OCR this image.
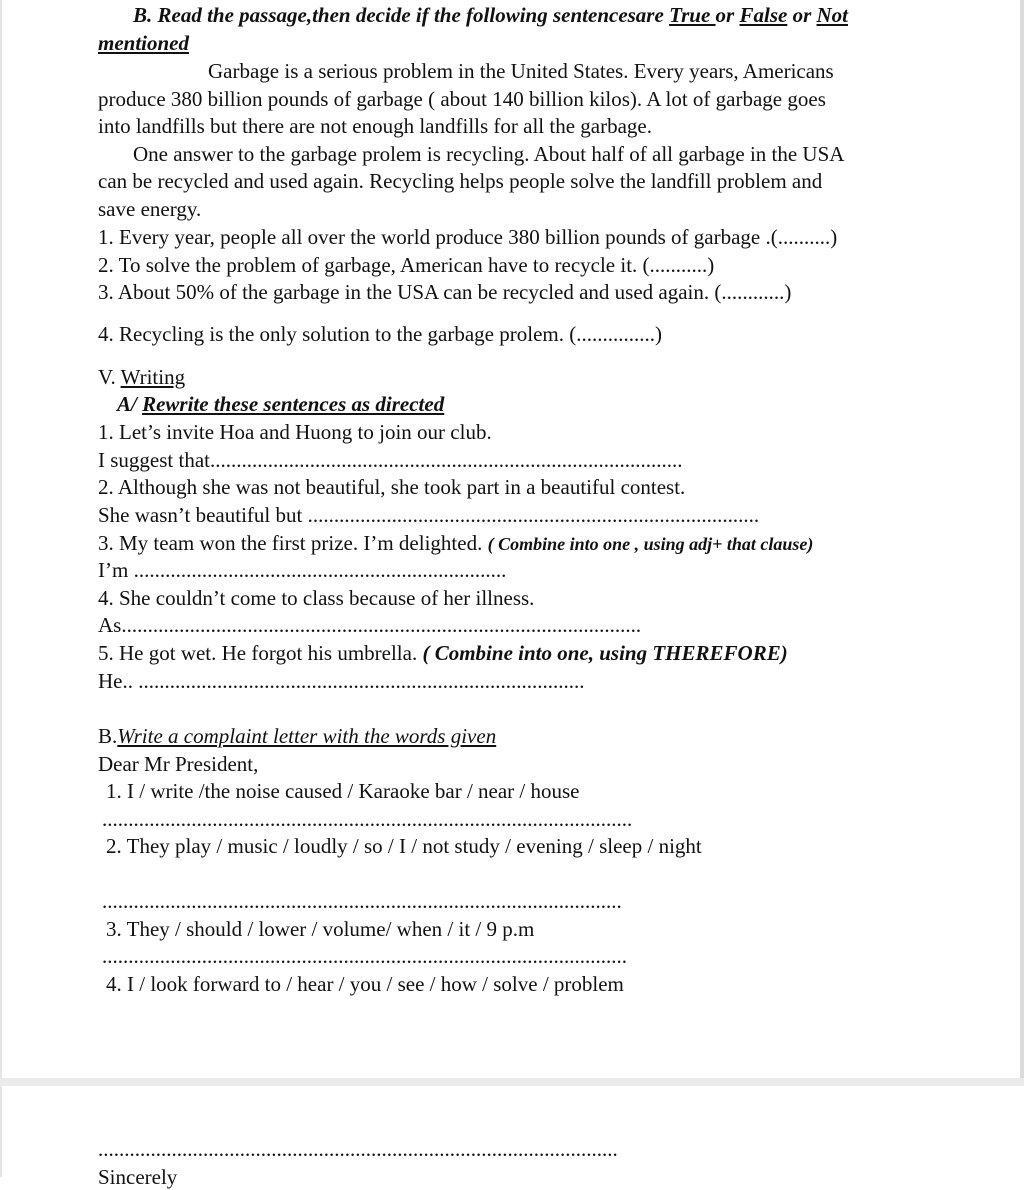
B. Read the passage,then decide if the following sentencesare True or False or Not
mentioned
Garbage is a serious problem in the United States. Every years, Americans
produce 380 billion pounds of garbage ( about 140 billion kilos). A lot of garbage goes
into landfills but there are not enough landfills for all the garbage.
One answer to the garbage prolem is recycling. About half of all garbage in the USA
can be recycled and used again. Recycling helps people solve the landfill problem and
save energy.
1. Every year, people all over the world produce 380 billion pounds of garbage .(..........)
2. To solve the problem of garbage, American have to recycle it. (...........)
3. About 50% of the garbage in the USA can be recycled and used again. (............)
4. Recycling is the only solution to the garbage prolem. (...............)
V. Writing
A/ Rewrite these sentences as directed
1. Let’s invite Hoa and Huong to join our club.
I suggest that..........................................................................................
2. Although she was not beautiful, she took part in a beautiful contest.
She wasn’t beautiful but ......................................................................................
3. My team won the first prize. I’m delighted. ( Combine into one , using adj+ that clause)
I’m .......................................................................
4. She couldn’t come to class because of her illness.
As...................................................................................................
5. He got wet. He forgot his umbrella. ( Combine into one, using THEREFORE)
He.. .....................................................................................
B.Write a complaint letter with the words given
Dear Mr President,
1. I / write /the noise caused / Karaoke bar / near / house
.....................................................................................................
2. They play / music / loudly / so / I / not study / evening / sleep / night
...................................................................................................
3. They / should / lower / volume/ when / it / 9 p.m
....................................................................................................
4. I / look forward to / hear / you / see / how / solve / problem
...................................................................................................
Sincerely
